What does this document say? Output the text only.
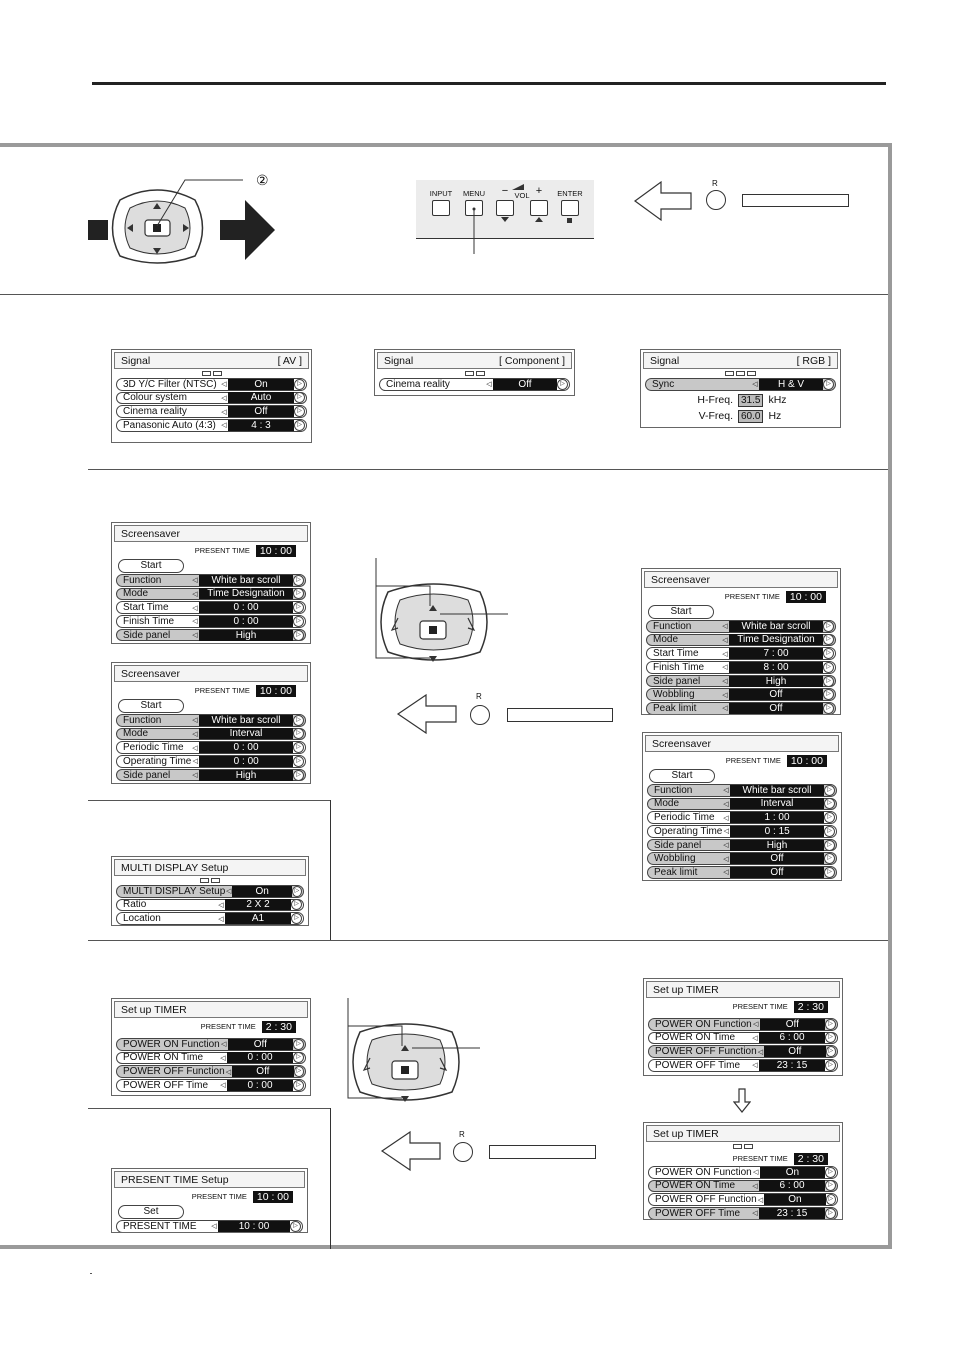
②
INPUT	MENU	− VOL +	ENTER
R
Signal	[ AV ]
3D Y/C Filter (NTSC) ◁	On	▷
Colour system	◁	Auto	▷
Cinema reality	◁	Off	▷
Panasonic Auto (4:3) ◁	4 : 3	▷
Signal	[ Component ]
Cinema reality	◁	Off	▷
Signal	[ RGB ]
Sync	◁	H & V	▷
H-Freq. 31.5 kHz
V-Freq. 60.0 Hz
Screensaver
PRESENT TIME 10 : 00
Start
Function	◁	White bar scroll	▷
Mode	◁ Time Designation	▷
Start Time	◁	0 : 00	▷
Finish Time	◁	0 : 00	▷
Side panel	◁	High	▷
Screensaver
PRESENT TIME 10 : 00
Start
Function	◁	White bar scroll	▷
Mode	◁	Interval	▷
Periodic Time	◁	0 : 00	▷
Operating Time ◁	0 : 00	▷
Side panel	◁	High	▷
Screensaver
PRESENT TIME 10 : 00
Start
Function	◁	White bar scroll	▷
Mode	◁ Time Designation	▷
Start Time	◁	7 : 00	▷
Finish Time	◁	8 : 00	▷
Side panel	◁	High	▷
Wobbling	◁	Off	▷
Peak limit	◁	Off	▷
Screensaver
PRESENT TIME 10 : 00
Start
Function	◁	White bar scroll	▷
Mode	◁	Interval	▷
Periodic Time	◁	1 : 00	▷
Operating Time ◁	0 : 15	▷
Side panel	◁	High	▷
Wobbling	◁	Off	▷
Peak limit	◁	Off	▷
R
MULTI DISPLAY Setup
MULTI DISPLAY Setup ◁	On	▷
Ratio	◁	2 X 2	▷
Location	◁	A1	▷
Set up TIMER
PRESENT TIME 2 : 30
POWER ON Function ◁	Off	▷
POWER ON Time	◁	0 : 00	▷
POWER OFF Function ◁	Off	▷
POWER OFF Time	◁	0 : 00	▷
Set up TIMER
PRESENT TIME 2 : 30
POWER ON Function ◁	Off	▷
POWER ON Time	◁	6 : 00	▷
POWER OFF Function ◁	Off	▷
POWER OFF Time	◁	23 : 15	▷
Set up TIMER
PRESENT TIME 2 : 30
POWER ON Function ◁	On	▷
POWER ON Time	◁	6 : 00	▷
POWER OFF Function ◁	On	▷
POWER OFF Time	◁	23 : 15	▷
R
PRESENT TIME Setup
PRESENT TIME 10 : 00
Set
PRESENT TIME	◁	10 : 00	▷
